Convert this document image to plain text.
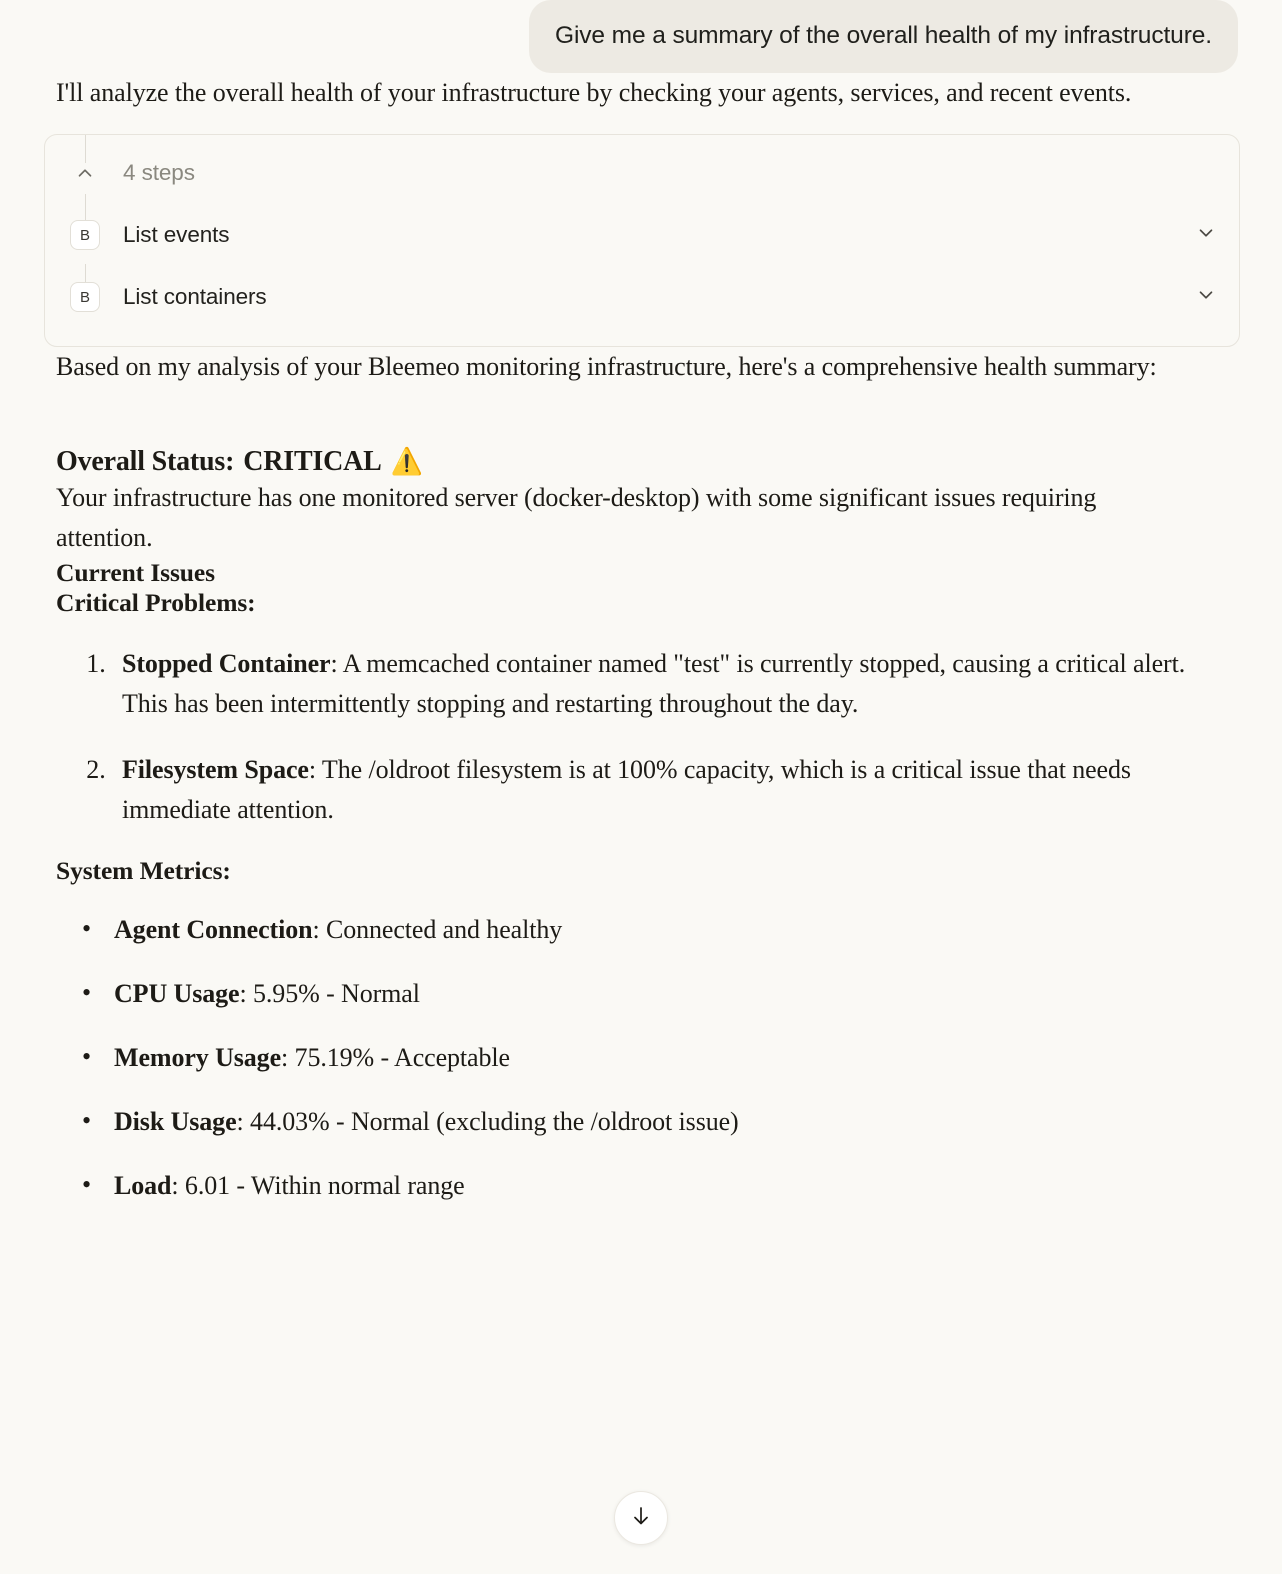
Give me a summary of the overall health of my infrastructure.

I'll analyze the overall health of your infrastructure by checking your agents, services, and recent events.

4 steps
B	List events
B	List containers

Based on my analysis of your Bleemeo monitoring infrastructure, here's a comprehensive health summary:

Overall Status: CRITICAL ⚠️

Your infrastructure has one monitored server (docker-desktop) with some significant issues requiring attention.

Current Issues
Critical Problems:
1. Stopped Container: A memcached container named "test" is currently stopped, causing a critical alert. This has been intermittently stopping and restarting throughout the day.
2. Filesystem Space: The /oldroot filesystem is at 100% capacity, which is a critical issue that needs immediate attention.
System Metrics:
• Agent Connection: Connected and healthy
• CPU Usage: 5.95% - Normal
• Memory Usage: 75.19% - Acceptable
• Disk Usage: 44.03% - Normal (excluding the /oldroot issue)
• Load: 6.01 - Within normal range
